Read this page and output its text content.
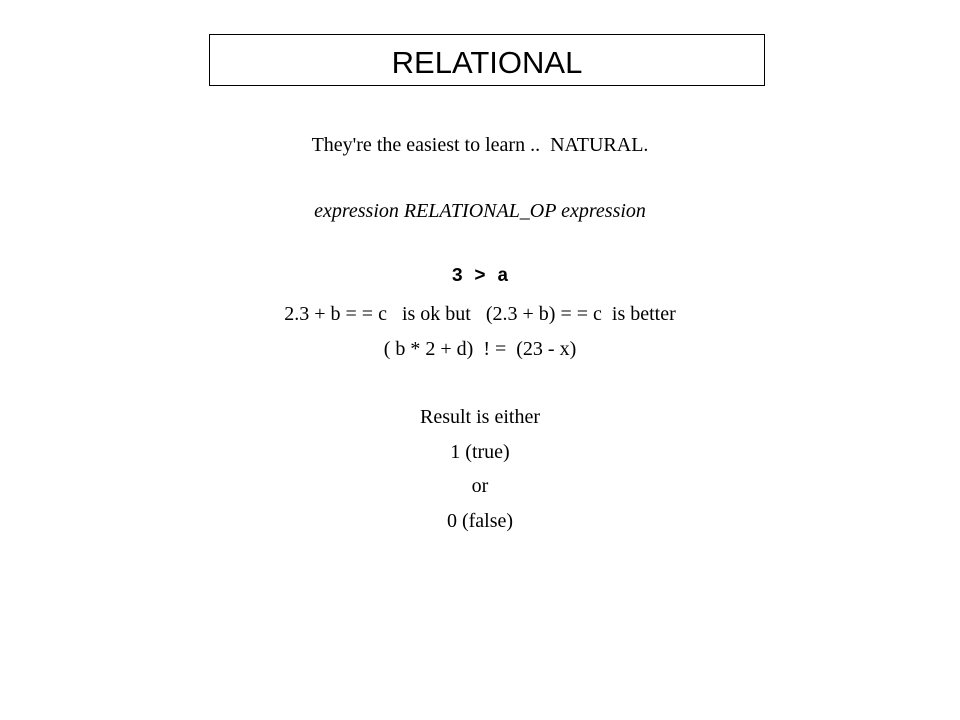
RELATIONAL
They're the easiest to learn ..  NATURAL.
expression RELATIONAL_OP expression
3 > a
2.3 + b = = c   is ok but   (2.3 + b) = = c  is better
( b * 2 + d)  ! =  (23 - x)
Result is either
1 (true)
or
0 (false)
